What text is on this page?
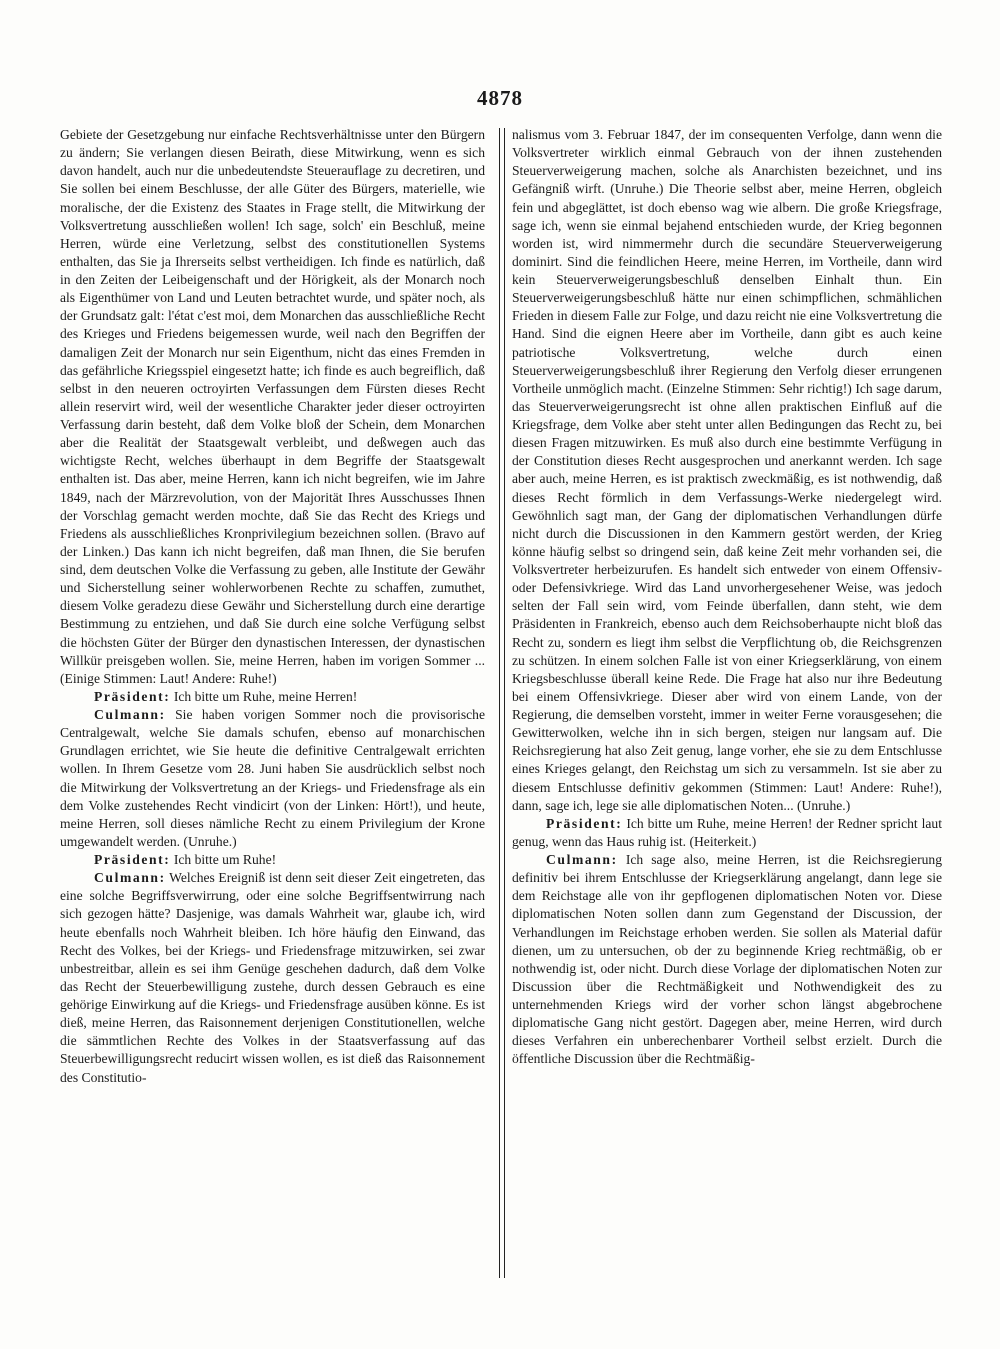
4878

Gebiete der Gesetzgebung nur einfache Rechtsverhältnisse unter den Bürgern zu ändern; Sie verlangen diesen Beirath, diese Mitwirkung, wenn es sich davon handelt, auch nur die unbedeutendste Steuerauflage zu decretiren, und Sie sollen bei einem Beschlusse, der alle Güter des Bürgers, materielle, wie moralische, der die Existenz des Staates in Frage stellt, die Mitwirkung der Volksvertretung ausschließen wollen! Ich sage, solch' ein Beschluß, meine Herren, würde eine Verletzung, selbst des constitutionellen Systems enthalten, das Sie ja Ihrerseits selbst vertheidigen. Ich finde es natürlich, daß in den Zeiten der Leibeigenschaft und der Hörigkeit, als der Monarch noch als Eigenthümer von Land und Leuten betrachtet wurde, und später noch, als der Grundsatz galt: l'état c'est moi, dem Monarchen das ausschließliche Recht des Krieges und Friedens beigemessen wurde, weil nach den Begriffen der damaligen Zeit der Monarch nur sein Eigenthum, nicht das eines Fremden in das gefährliche Kriegsspiel eingesetzt hatte; ich finde es auch begreiflich, daß selbst in den neueren octroyirten Verfassungen dem Fürsten dieses Recht allein reservirt wird, weil der wesentliche Charakter jeder dieser octroyirten Verfassung darin besteht, daß dem Volke bloß der Schein, dem Monarchen aber die Realität der Staatsgewalt verbleibt, und deßwegen auch das wichtigste Recht, welches überhaupt in dem Begriffe der Staatsgewalt enthalten ist. Das aber, meine Herren, kann ich nicht begreifen, wie im Jahre 1849, nach der Märzrevolution, von der Majorität Ihres Ausschusses Ihnen der Vorschlag gemacht werden mochte, daß Sie das Recht des Kriegs und Friedens als ausschließliches Kronprivilegium bezeichnen sollen. (Bravo auf der Linken.) Das kann ich nicht begreifen, daß man Ihnen, die Sie berufen sind, dem deutschen Volke die Verfassung zu geben, alle Institute der Gewähr und Sicherstellung seiner wohlerworbenen Rechte zu schaffen, zumuthet, diesem Volke geradezu diese Gewähr und Sicherstellung durch eine derartige Bestimmung zu entziehen, und daß Sie durch eine solche Verfügung selbst die höchsten Güter der Bürger den dynastischen Interessen, der dynastischen Willkür preisgeben wollen. Sie, meine Herren, haben im vorigen Sommer ... (Einige Stimmen: Laut! Andere: Ruhe!)

Präsident: Ich bitte um Ruhe, meine Herren!

Culmann: Sie haben vorigen Sommer noch die provisorische Centralgewalt, welche Sie damals schufen, ebenso auf monarchischen Grundlagen errichtet, wie Sie heute die definitive Centralgewalt errichten wollen. In Ihrem Gesetze vom 28. Juni haben Sie ausdrücklich selbst noch die Mitwirkung der Volksvertretung an der Kriegs- und Friedensfrage als ein dem Volke zustehendes Recht vindicirt (von der Linken: Hört!), und heute, meine Herren, soll dieses nämliche Recht zu einem Privilegium der Krone umgewandelt werden. (Unruhe.)

Präsident: Ich bitte um Ruhe!

Culmann: Welches Ereigniß ist denn seit dieser Zeit eingetreten, das eine solche Begriffsverwirrung, oder eine solche Begriffsentwirrung nach sich gezogen hätte? Dasjenige, was damals Wahrheit war, glaube ich, wird heute ebenfalls noch Wahrheit bleiben. Ich höre häufig den Einwand, das Recht des Volkes, bei der Kriegs- und Friedensfrage mitzuwirken, sei zwar unbestreitbar, allein es sei ihm Genüge geschehen dadurch, daß dem Volke das Recht der Steuerbewilligung zustehe, durch dessen Gebrauch es eine gehörige Einwirkung auf die Kriegs- und Friedensfrage ausüben könne. Es ist dieß, meine Herren, das Raisonnement derjenigen Constitutionellen, welche die sämmtlichen Rechte des Volkes in der Staatsverfassung auf das Steuerbewilligungsrecht reducirt wissen wollen, es ist dieß das Raisonnement des Constitutio-

nalismus vom 3. Februar 1847, der im consequenten Verfolge, dann wenn die Volksvertreter wirklich einmal Gebrauch von der ihnen zustehenden Steuerverweigerung machen, solche als Anarchisten bezeichnet, und ins Gefängniß wirft. (Unruhe.) Die Theorie selbst aber, meine Herren, obgleich fein und abgeglättet, ist doch ebenso wag wie albern. Die große Kriegsfrage, sage ich, wenn sie einmal bejahend entschieden wurde, der Krieg begonnen worden ist, wird nimmermehr durch die secundäre Steuerverweigerung dominirt. Sind die feindlichen Heere, meine Herren, im Vortheile, dann wird kein Steuerverweigerungsbeschluß denselben Einhalt thun. Ein Steuerverweigerungsbeschluß hätte nur einen schimpflichen, schmählichen Frieden in diesem Falle zur Folge, und dazu reicht nie eine Volksvertretung die Hand. Sind die eignen Heere aber im Vortheile, dann gibt es auch keine patriotische Volksvertretung, welche durch einen Steuerverweigerungsbeschluß ihrer Regierung den Verfolg dieser errungenen Vortheile unmöglich macht. (Einzelne Stimmen: Sehr richtig!) Ich sage darum, das Steuerverweigerungsrecht ist ohne allen praktischen Einfluß auf die Kriegsfrage, dem Volke aber steht unter allen Bedingungen das Recht zu, bei diesen Fragen mitzuwirken. Es muß also durch eine bestimmte Verfügung in der Constitution dieses Recht ausgesprochen und anerkannt werden. Ich sage aber auch, meine Herren, es ist praktisch zweckmäßig, es ist nothwendig, daß dieses Recht förmlich in dem Verfassungs-Werke niedergelegt wird. Gewöhnlich sagt man, der Gang der diplomatischen Verhandlungen dürfe nicht durch die Discussionen in den Kammern gestört werden, der Krieg könne häufig selbst so dringend sein, daß keine Zeit mehr vorhanden sei, die Volksvertreter herbeizurufen. Es handelt sich entweder von einem Offensiv- oder Defensivkriege. Wird das Land unvorhergesehener Weise, was jedoch selten der Fall sein wird, vom Feinde überfallen, dann steht, wie dem Präsidenten in Frankreich, ebenso auch dem Reichsoberhaupte nicht bloß das Recht zu, sondern es liegt ihm selbst die Verpflichtung ob, die Reichsgrenzen zu schützen. In einem solchen Falle ist von einer Kriegserklärung, von einem Kriegsbeschlusse überall keine Rede. Die Frage hat also nur ihre Bedeutung bei einem Offensivkriege. Dieser aber wird von einem Lande, von der Regierung, die demselben vorsteht, immer in weiter Ferne vorausgesehen; die Gewitterwolken, welche ihn in sich bergen, steigen nur langsam auf. Die Reichsregierung hat also Zeit genug, lange vorher, ehe sie zu dem Entschlusse eines Krieges gelangt, den Reichstag um sich zu versammeln. Ist sie aber zu diesem Entschlusse definitiv gekommen (Stimmen: Laut! Andere: Ruhe!), dann, sage ich, lege sie alle diplomatischen Noten... (Unruhe.)

Präsident: Ich bitte um Ruhe, meine Herren! der Redner spricht laut genug, wenn das Haus ruhig ist. (Heiterkeit.)

Culmann: Ich sage also, meine Herren, ist die Reichsregierung definitiv bei ihrem Entschlusse der Kriegserklärung angelangt, dann lege sie dem Reichstage alle von ihr gepflogenen diplomatischen Noten vor. Diese diplomatischen Noten sollen dann zum Gegenstand der Discussion, der Verhandlungen im Reichstage erhoben werden. Sie sollen als Material dafür dienen, um zu untersuchen, ob der zu beginnende Krieg rechtmäßig, ob er nothwendig ist, oder nicht. Durch diese Vorlage der diplomatischen Noten zur Discussion über die Rechtmäßigkeit und Nothwendigkeit des zu unternehmenden Kriegs wird der vorher schon längst abgebrochene diplomatische Gang nicht gestört. Dagegen aber, meine Herren, wird durch dieses Verfahren ein unberechenbarer Vortheil selbst erzielt. Durch die öffentliche Discussion über die Rechtmäßig-
